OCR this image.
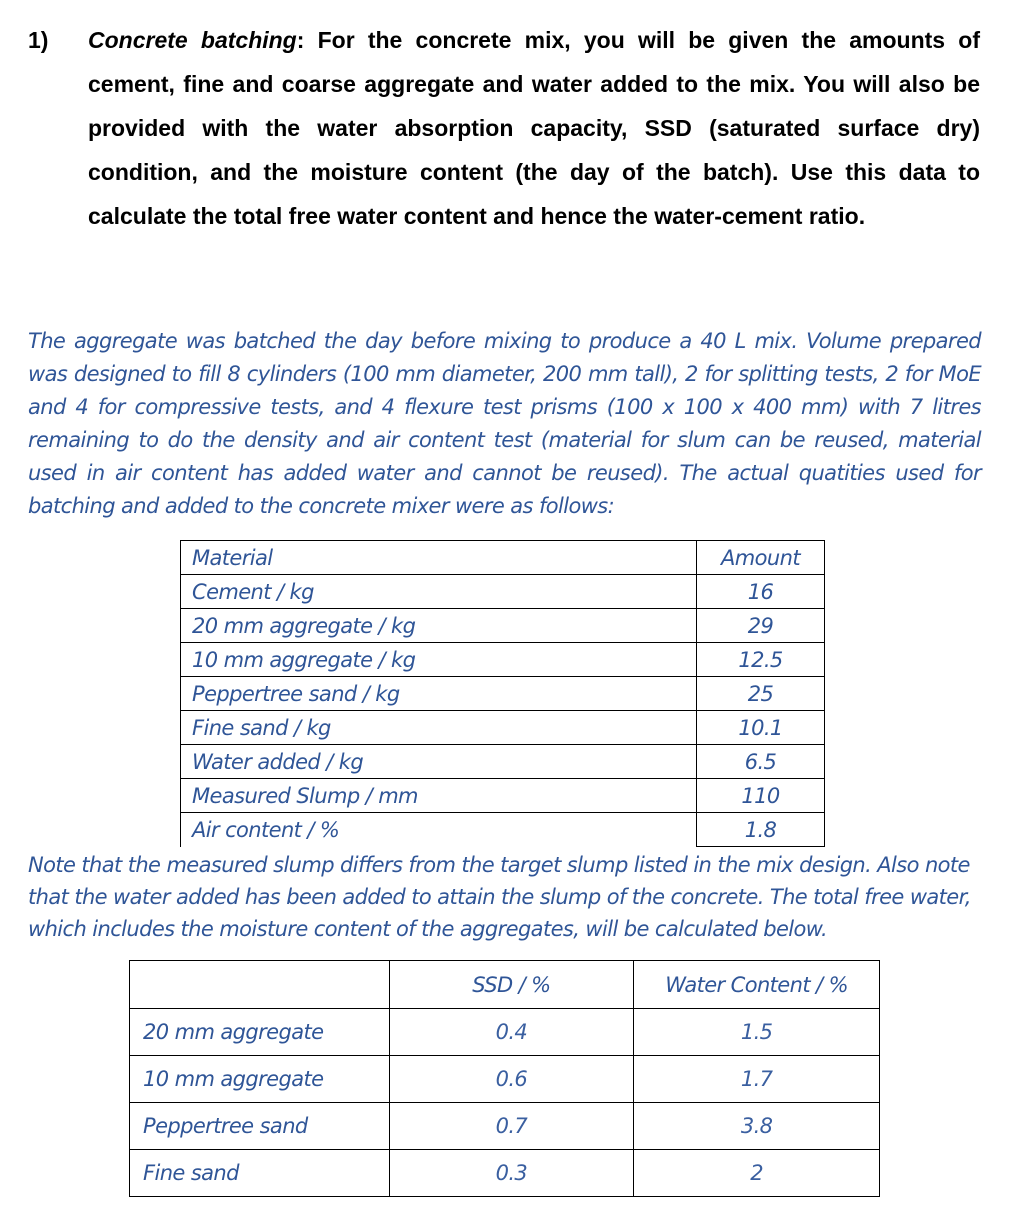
1) Concrete batching: For the concrete mix, you will be given the amounts of cement, fine and coarse aggregate and water added to the mix. You will also be provided with the water absorption capacity, SSD (saturated surface dry) condition, and the moisture content (the day of the batch). Use this data to calculate the total free water content and hence the water-cement ratio.
The aggregate was batched the day before mixing to produce a 40 L mix. Volume prepared was designed to fill 8 cylinders (100 mm diameter, 200 mm tall), 2 for splitting tests, 2 for MoE and 4 for compressive tests, and 4 flexure test prisms (100 x 100 x 400 mm) with 7 litres remaining to do the density and air content test (material for slum can be reused, material used in air content has added water and cannot be reused). The actual quatities used for batching and added to the concrete mixer were as follows:
Material	Amount
Cement / kg	16
20 mm aggregate / kg	29
10 mm aggregate / kg	12.5
Peppertree sand / kg	25
Fine sand / kg	10.1
Water added / kg	6.5
Measured Slump / mm	110
Air content / %	1.8
Note that the measured slump differs from the target slump listed in the mix design. Also note that the water added has been added to attain the slump of the concrete. The total free water, which includes the moisture content of the aggregates, will be calculated below.
	SSD / %	Water Content / %
20 mm aggregate	0.4	1.5
10 mm aggregate	0.6	1.7
Peppertree sand	0.7	3.8
Fine sand	0.3	2
